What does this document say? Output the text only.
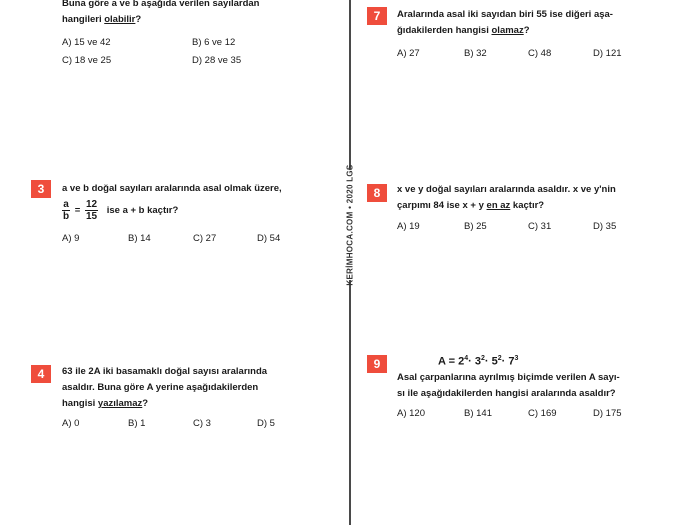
KERİMHOCA.COM • 2020 LGS
Buna göre a ve b aşağıda verilen sayılardan
hangileri olabilir?
A) 15 ve 42	B) 6 ve 12
C) 18 ve 25	D) 28 ve 35
3	a ve b doğal sayıları aralarında asal olmak üzere,
$\frac{a}{b} = \frac{12}{15}$ ise a + b kaçtır?
A) 9	B) 14	C) 27	D) 54
4	63 ile 2A iki basamaklı doğal sayısı aralarında
asaldır. Buna göre A yerine aşağıdakilerden
hangisi yazılamaz?
A) 0	B) 1	C) 3	D) 5
7	Aralarında asal iki sayıdan biri 55 ise diğeri aşa-
ğıdakilerden hangisi olamaz?
A) 27	B) 32	C) 48	D) 121
8	x ve y doğal sayıları aralarında asaldır. x ve y'nin
çarpımı 84 ise x + y en az kaçtır?
A) 19	B) 25	C) 31	D) 35
9	$A = 2^4\cdot 3^2\cdot 5^2\cdot 7^3$
Asal çarpanlarına ayrılmış biçimde verilen A sayı-
sı ile aşağıdakilerden hangisi aralarında asaldır?
A) 120	B) 141	C) 169	D) 175
